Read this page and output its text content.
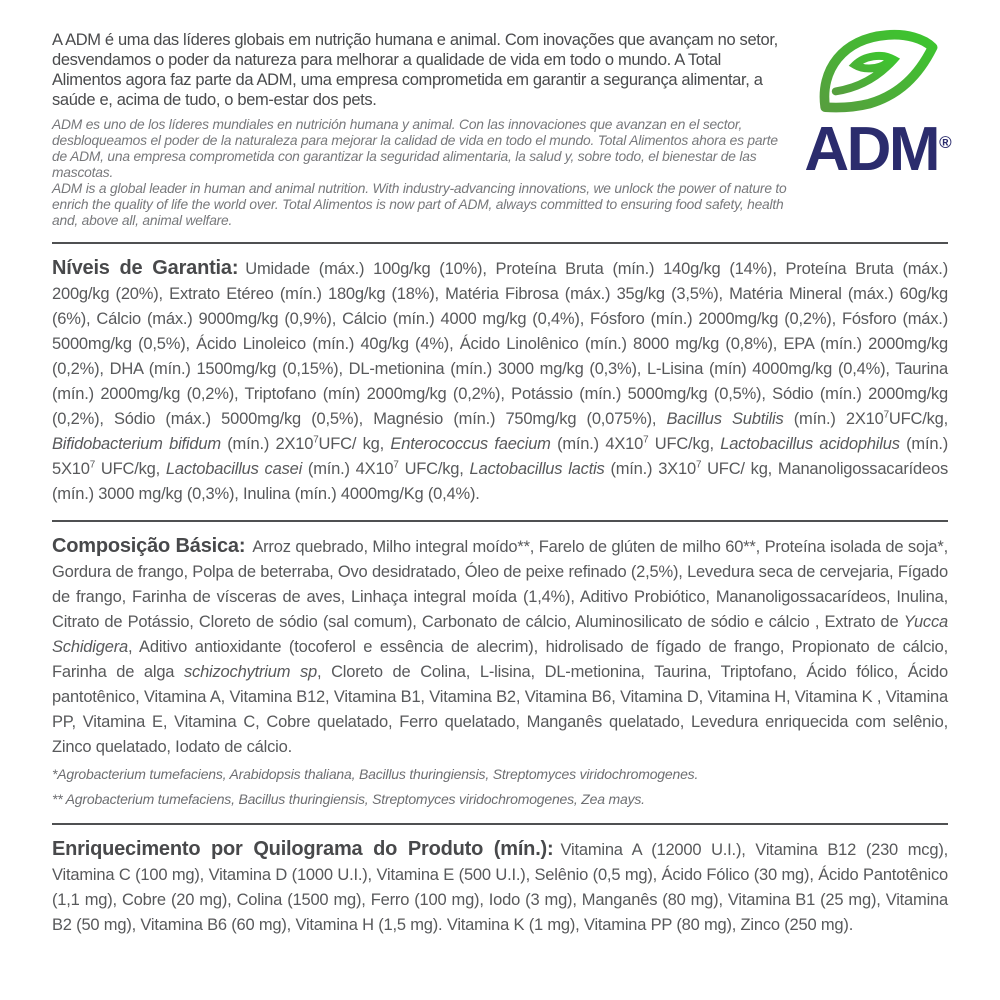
ADM®

A ADM é uma das líderes globais em nutrição humana e animal. Com inovações que avançam no setor, desvendamos o poder da natureza para melhorar a qualidade de vida em todo o mundo. A Total Alimentos agora faz parte da ADM, uma empresa comprometida em garantir a segurança alimentar, a saúde e, acima de tudo, o bem-estar dos pets.

ADM es uno de los líderes mundiales en nutrición humana y animal. Con las innovaciones que avanzan en el sector, desbloqueamos el poder de la naturaleza para mejorar la calidad de vida en todo el mundo. Total Alimentos ahora es parte de ADM, una empresa comprometida con garantizar la seguridad alimentaria, la salud y, sobre todo, el bienestar de las mascotas.

ADM is a global leader in human and animal nutrition. With industry-advancing innovations, we unlock the power of nature to enrich the quality of life the world over. Total Alimentos is now part of ADM, always committed to ensuring food safety, health and, above all, animal welfare.

Níveis de Garantia: Umidade (máx.) 100g/kg (10%), Proteína Bruta (mín.) 140g/kg (14%), Proteína Bruta (máx.) 200g/kg (20%), Extrato Etéreo (mín.) 180g/kg (18%), Matéria Fibrosa (máx.) 35g/kg (3,5%), Matéria Mineral (máx.) 60g/kg (6%), Cálcio (máx.) 9000mg/kg (0,9%), Cálcio (mín.) 4000 mg/kg (0,4%), Fósforo (mín.) 2000mg/kg (0,2%), Fósforo (máx.) 5000mg/kg (0,5%), Ácido Linoleico (mín.) 40g/kg (4%), Ácido Linolênico (mín.) 8000 mg/kg (0,8%), EPA (mín.) 2000mg/kg (0,2%), DHA (mín.) 1500mg/kg (0,15%), DL-metionina (mín.) 3000 mg/kg (0,3%), L-Lisina (mín) 4000mg/kg (0,4%), Taurina (mín.) 2000mg/kg (0,2%), Triptofano (mín) 2000mg/kg (0,2%), Potássio (mín.) 5000mg/kg (0,5%), Sódio (mín.) 2000mg/kg (0,2%), Sódio (máx.) 5000mg/kg (0,5%), Magnésio (mín.) 750mg/kg (0,075%), Bacillus Subtilis (mín.) $2X10^7UFC/kg$, Bifidobacterium bifidum (mín.) $2X10^7UFC/$ kg, Enterococcus faecium (mín.) $4X10^7$ UFC/kg, Lactobacillus acidophilus (mín.) $5X10^7$ UFC/kg, Lactobacillus casei (mín.) $4X10^7$ UFC/kg, Lactobacillus lactis (mín.) $3X10^7$ UFC/ kg, Mananoligossacarídeos (mín.) 3000 mg/kg (0,3%), Inulina (mín.) 4000mg/Kg (0,4%).

Composição Básica: Arroz quebrado, Milho integral moído**, Farelo de glúten de milho 60**, Proteína isolada de soja*, Gordura de frango, Polpa de beterraba, Ovo desidratado, Óleo de peixe refinado (2,5%), Levedura seca de cervejaria, Fígado de frango, Farinha de vísceras de aves, Linhaça integral moída (1,4%), Aditivo Probiótico, Mananoligossacarídeos, Inulina, Citrato de Potássio, Cloreto de sódio (sal comum), Carbonato de cálcio, Aluminosilicato de sódio e cálcio , Extrato de Yucca Schidigera, Aditivo antioxidante (tocoferol e essência de alecrim), hidrolisado de fígado de frango, Propionato de cálcio, Farinha de alga schizochytrium sp, Cloreto de Colina, L-lisina, DL-metionina, Taurina, Triptofano, Ácido fólico, Ácido pantotênico, Vitamina A, Vitamina B12, Vitamina B1, Vitamina B2, Vitamina B6, Vitamina D, Vitamina H, Vitamina K , Vitamina PP, Vitamina E, Vitamina C, Cobre quelatado, Ferro quelatado, Manganês quelatado, Levedura enriquecida com selênio, Zinco quelatado, Iodato de cálcio.

*Agrobacterium tumefaciens, Arabidopsis thaliana, Bacillus thuringiensis, Streptomyces viridochromogenes.

** Agrobacterium tumefaciens, Bacillus thuringiensis, Streptomyces viridochromogenes, Zea mays.

Enriquecimento por Quilograma do Produto (mín.): Vitamina A (12000 U.I.), Vitamina B12 (230 mcg), Vitamina C (100 mg), Vitamina D (1000 U.I.), Vitamina E (500 U.I.), Selênio (0,5 mg), Ácido Fólico (30 mg), Ácido Pantotênico (1,1 mg), Cobre (20 mg), Colina (1500 mg), Ferro (100 mg), Iodo (3 mg), Manganês (80 mg), Vitamina B1 (25 mg), Vitamina B2 (50 mg), Vitamina B6 (60 mg), Vitamina H (1,5 mg). Vitamina K (1 mg), Vitamina PP (80 mg), Zinco (250 mg).
